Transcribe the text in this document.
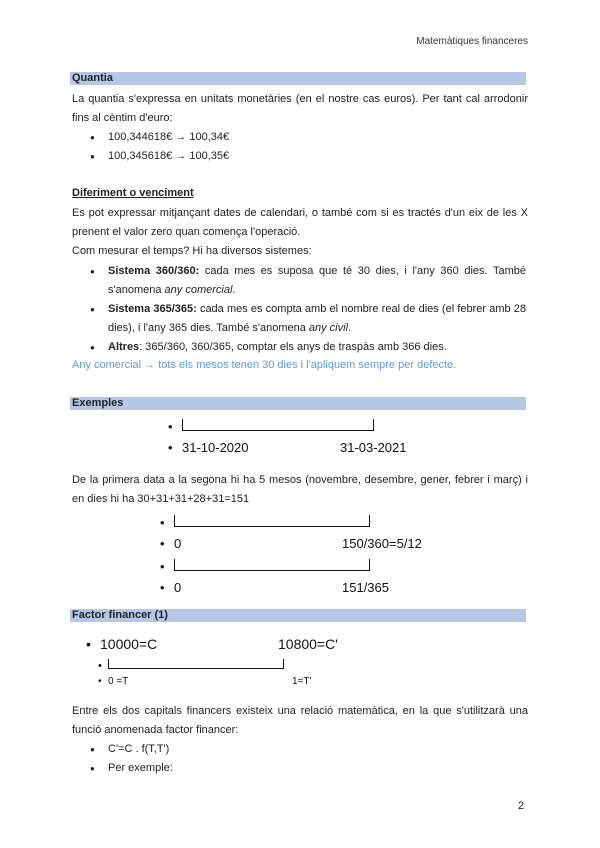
Matemàtiques financeres
Quantia
La quantia s'expressa en unitats monetàries (en el nostre cas euros). Per tant cal arrodonir fins al cèntim d'euro:
● 100,344618€ → 100,34€
● 100,345618€ → 100,35€
Diferiment o venciment
Es pot expressar mitjançant dates de calendari, o també com si es tractés d'un eix de les X prenent el valor zero quan comença l'operació.
Com mesurar el temps? Hi ha diversos sistemes:
● Sistema 360/360: cada mes es suposa que té 30 dies, i l'any 360 dies. També s'anomena any comercial.
● Sistema 365/365: cada mes es compta amb el nombre real de dies (el febrer amb 28 dies), i l'any 365 dies. També s'anomena any civil.
● Altres: 365/360, 360/365, comptar els anys de traspàs amb 366 dies.
Any comercial → tots els mesos tenen 30 dies i l'apliquem sempre per defecte.
Exemples
•
• 31-10-2020	31-03-2021
De la primera data a la segona hi ha 5 mesos (novembre, desembre, gener, febrer i març) i en dies hi ha 30+31+31+28+31=151
•
• 0	150/360=5/12
•
• 0	151/365
Factor financer (1)
• 10000=C	10800=C'
•
• 0 =T	1=T'
Entre els dos capitals financers existeix una relació matemàtica, en la que s'utilitzarà una funció anomenada factor financer:
● C'=C . f(T,T')
● Per exemple:
2
